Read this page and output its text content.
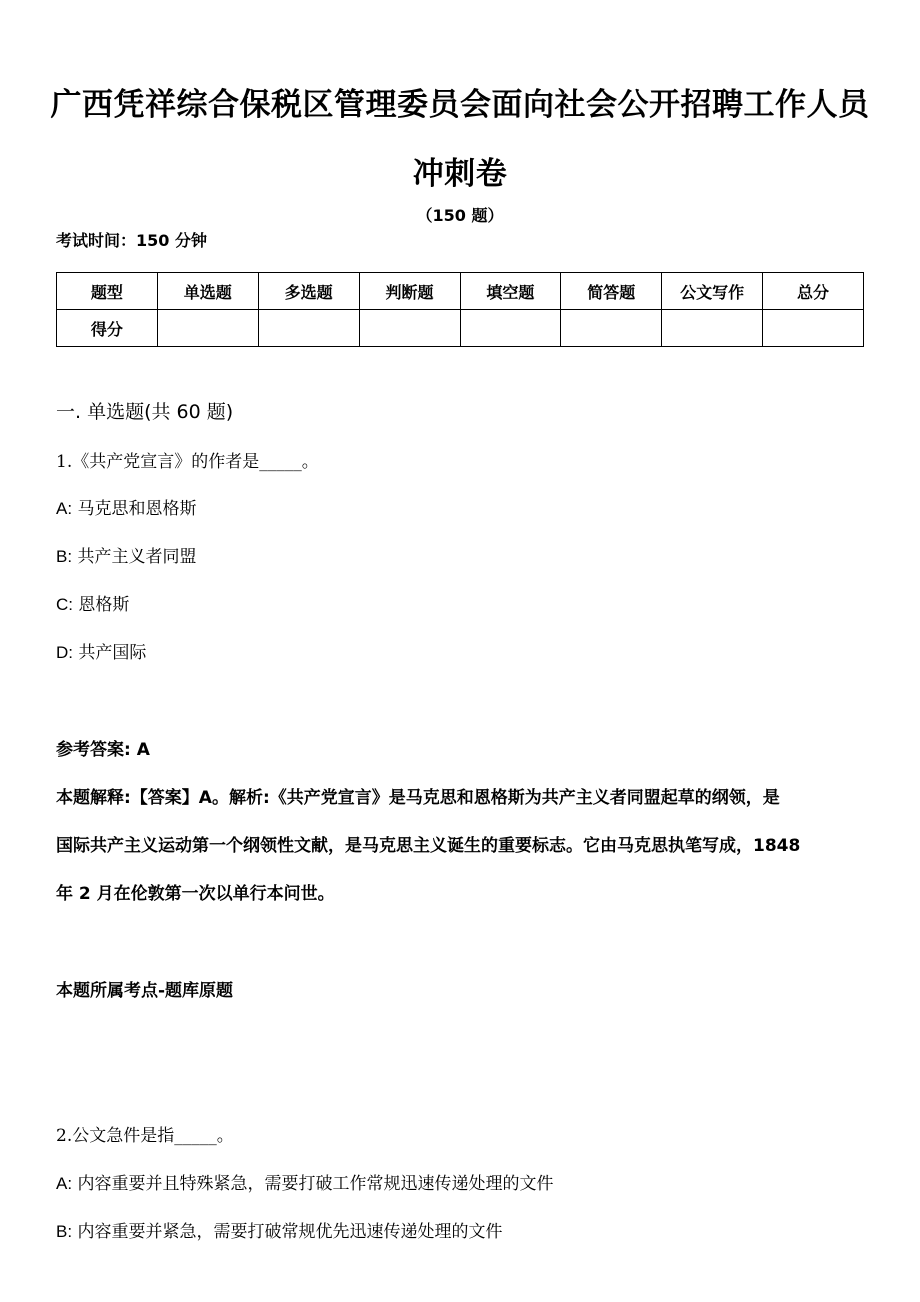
广西凭祥综合保税区管理委员会面向社会公开招聘工作人员
冲刺卷
（150 题）
考试时间：150 分钟
题型	单选题	多选题	判断题	填空题	简答题	公文写作	总分
得分							
一. 单选题(共 60 题)
1.《共产党宣言》的作者是_____。
A: 马克思和恩格斯
B: 共产主义者同盟
C: 恩格斯
D: 共产国际
参考答案: A
本题解释:【答案】A。解析:《共产党宣言》是马克思和恩格斯为共产主义者同盟起草的纲领，是
国际共产主义运动第一个纲领性文献，是马克思主义诞生的重要标志。它由马克思执笔写成，1848
年 2 月在伦敦第一次以单行本问世。
本题所属考点-题库原题
2.公文急件是指_____。
A: 内容重要并且特殊紧急，需要打破工作常规迅速传递处理的文件
B: 内容重要并紧急，需要打破常规优先迅速传递处理的文件
